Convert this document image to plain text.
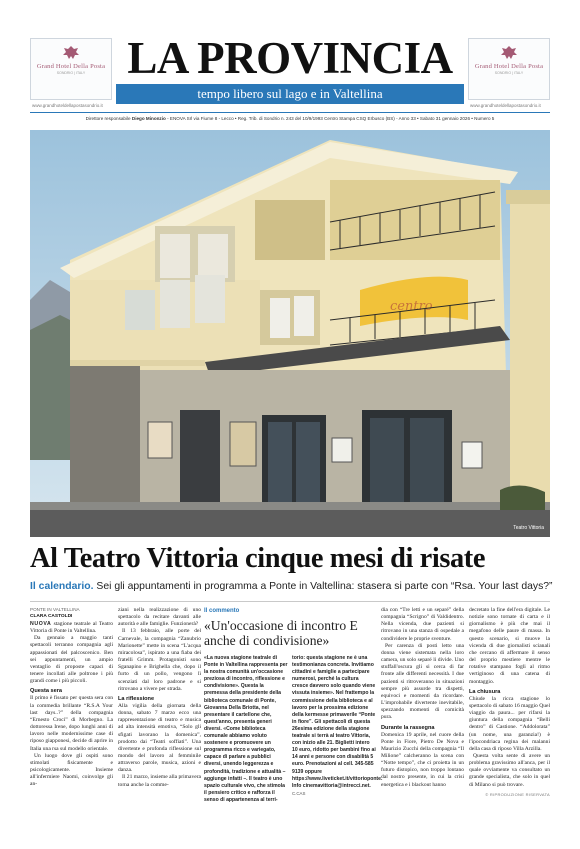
Grand Hotel Della Posta
SONDRIO | ITALY
www.grandhoteldellapostasondrio.it
LA PROVINCIA
tempo libero sul lago e in Valtellina
Grand Hotel Della Posta
SONDRIO | ITALY
www.grandhoteldellapostasondrio.it
Direttore responsabile Diego Minonzio - ENOVA Srl via Fiume 8 - Lecco • Reg. Trib. di Sondrio n. 243 del 10/9/1993 Centro Stampa CSQ Erbusco (BS) - Anno 33 • Sabato 31 gennaio 2026 • Numero 5
centro
Teatro Vittoria
Al Teatro Vittoria cinque mesi di risate
Il calendario. Sei gli appuntamenti in programma a Ponte in Valtellina: stasera si parte con “Rsa. Your last days?”
PONTE IN VALTELLINA
CLARA CASTOLDI

NUOVA stagione teatrale al Teatro Vittoria di Ponte in Valtellina.

Da gennaio a maggio tanti spettacoli terranno compagnia agli appassionati del palcoscenico. Ben sei appuntamenti, un ampio ventaglio di proposte capaci di tenere incollati alle poltrone i più grandi come i più piccoli.

Questa sera

Il primo è fissato per questa sera con la commedia brillante “R.S.A Your last days..?” della compagnia “Ernesto Croci” di Morbegno. La dottoressa Irene, dopo lunghi anni di lavoro nelle modernissime case di riposo giapponesi, decide di aprire in Italia una rsa sul modello orientale.

Un luogo dove gli ospiti sono stimolati fisicamente e psicologicamente. Insieme all'infermiere Naomi, coinvolge gli an-

ziani nella realizzazione di uno spettacolo da recitare davanti alle autorità e alle famiglie. Funzionerà?

Il 13 febbraio, alle porte del Carnevale, la compagnia “Zanubrio Marionette” mette in scena “L'acqua miracolosa”, ispirato a una fiaba dei fratelli Grimm. Protagonisti sono Sganapino e Brighella che, dopo il furto di un pollo, vengono lì scenziati dal loro padrone e si ritrovano a vivere per strada.

La riflessione

Alla vigilia della giornata della donna, sabato 7 marzo ecco una rappresentazione di teatro e musica ad alta intensità emotiva, “Solo gli sfigati lavorano la domenica”, prodotto dai “Teatri soffiati”. Una divertente e profonda riflessione sul mondo del lavoro al femminile attraverso parole, musica, azioni e danza.

Il 21 marzo, insieme alla primavera torna anche la comme-

Il commento
«Un'occasione di incontro E anche di condivisione»

«La nuova stagione teatrale di Ponte in Valtellina rappresenta per la nostra comunità un'occasione preziosa di incontro, riflessione e condivisione». Questa la premessa della presidente della biblioteca comunale di Ponte, Giovanna Della Briotta, nel presentare il cartellone che, quest'anno, presenta generi diversi. «Come biblioteca comunale abbiamo voluto sostenere e promuovere un programma ricco e variegato, capace di parlare a pubblici diversi, unendo leggerezza e profondità, tradizione e attualità – aggiunge infatti –. Il teatro è uno spazio culturale vivo, che stimola il pensiero critico e rafforza il senso di appartenenza al terri-

torio: questa stagione ne è una testimonianza concreta. Invitiamo cittadini e famiglie a partecipare numerosi, perché la cultura cresce davvero solo quando viene vissuta insieme». Nel frattempo la commissione della biblioteca e al lavoro per la prossima edizione della kermesse primaverile “Ponte in fiore”. Gli spettacoli di questa 26esima edizione della stagione teatrale si terrà al teatro Vittoria, con inizio alle 21. Biglietti intero 10 euro, ridotto per bambini fino ai 14 anni e persone con disabilità 5 euro. Prenotazioni al cell. 345-585 9139 oppure https://www.liveticket.it/vittorioponte. Info cinemavittoria@intrecci.net. C.CAS

dia con “Tre letti e un separé” della compagnia “Scrigno” di Valdidentro. Nella vicenda, due pazienti si ritrovano in una stanza di ospedale a condividere le proprie sventure.

Per carenza di posti letto una donna viene sistemata nella loro camera, un solo separé li divide. Uno stuffall'oscura gli si cerca di far fronte alle differenti necessità. I due pazienti si ritroveranno in situazioni sempre più assurde tra dispetti, equivoci e momenti da ricordare. L'improbabile divertente inevitabile, spezzando momenti di comicità pura.

Durante la rassegna

Domenica 19 aprile, nel cuore della Ponte in Fiore, Pietro De Nova e Maurizio Zucchi della compagnia “Il Milione” calcheranno la scena con “Notte tempo”, che ci proietta in un futuro distopico, non troppo lontano dal nostro presente, in cui la crisi energetica e i blackout hanno

decretato la fine dell'era digitale. Le notizie sono tornate di carta e il giornalismo è più che mai il megafono delle paure di massa. In questo scenario, si muove la vicenda di due giornalisti scianali che cercano di affermare il senso del proprio mestiere mentre le rotative stampano fogli al ritmo vertiginoso di una catena di montaggio.

La chiusura

Chiude la ricca stagione lo spettacolo di sabato 16 maggio Quel viaggio da paura... per rifarsi la giuntura della compagnia “Belli dentro” di Castione. “Addolorata” (un nome, una garanzia!) è l'ipocondriaca regina dei malanni della casa di riposo Villa Arzilla.

Questa volta sente di avere un problema gravissimo all'anca, per il quale ovviamente va consultato un grande specialista, che solo in quel di Milano si può trovare.

© RIPRODUZIONE RISERVATA
